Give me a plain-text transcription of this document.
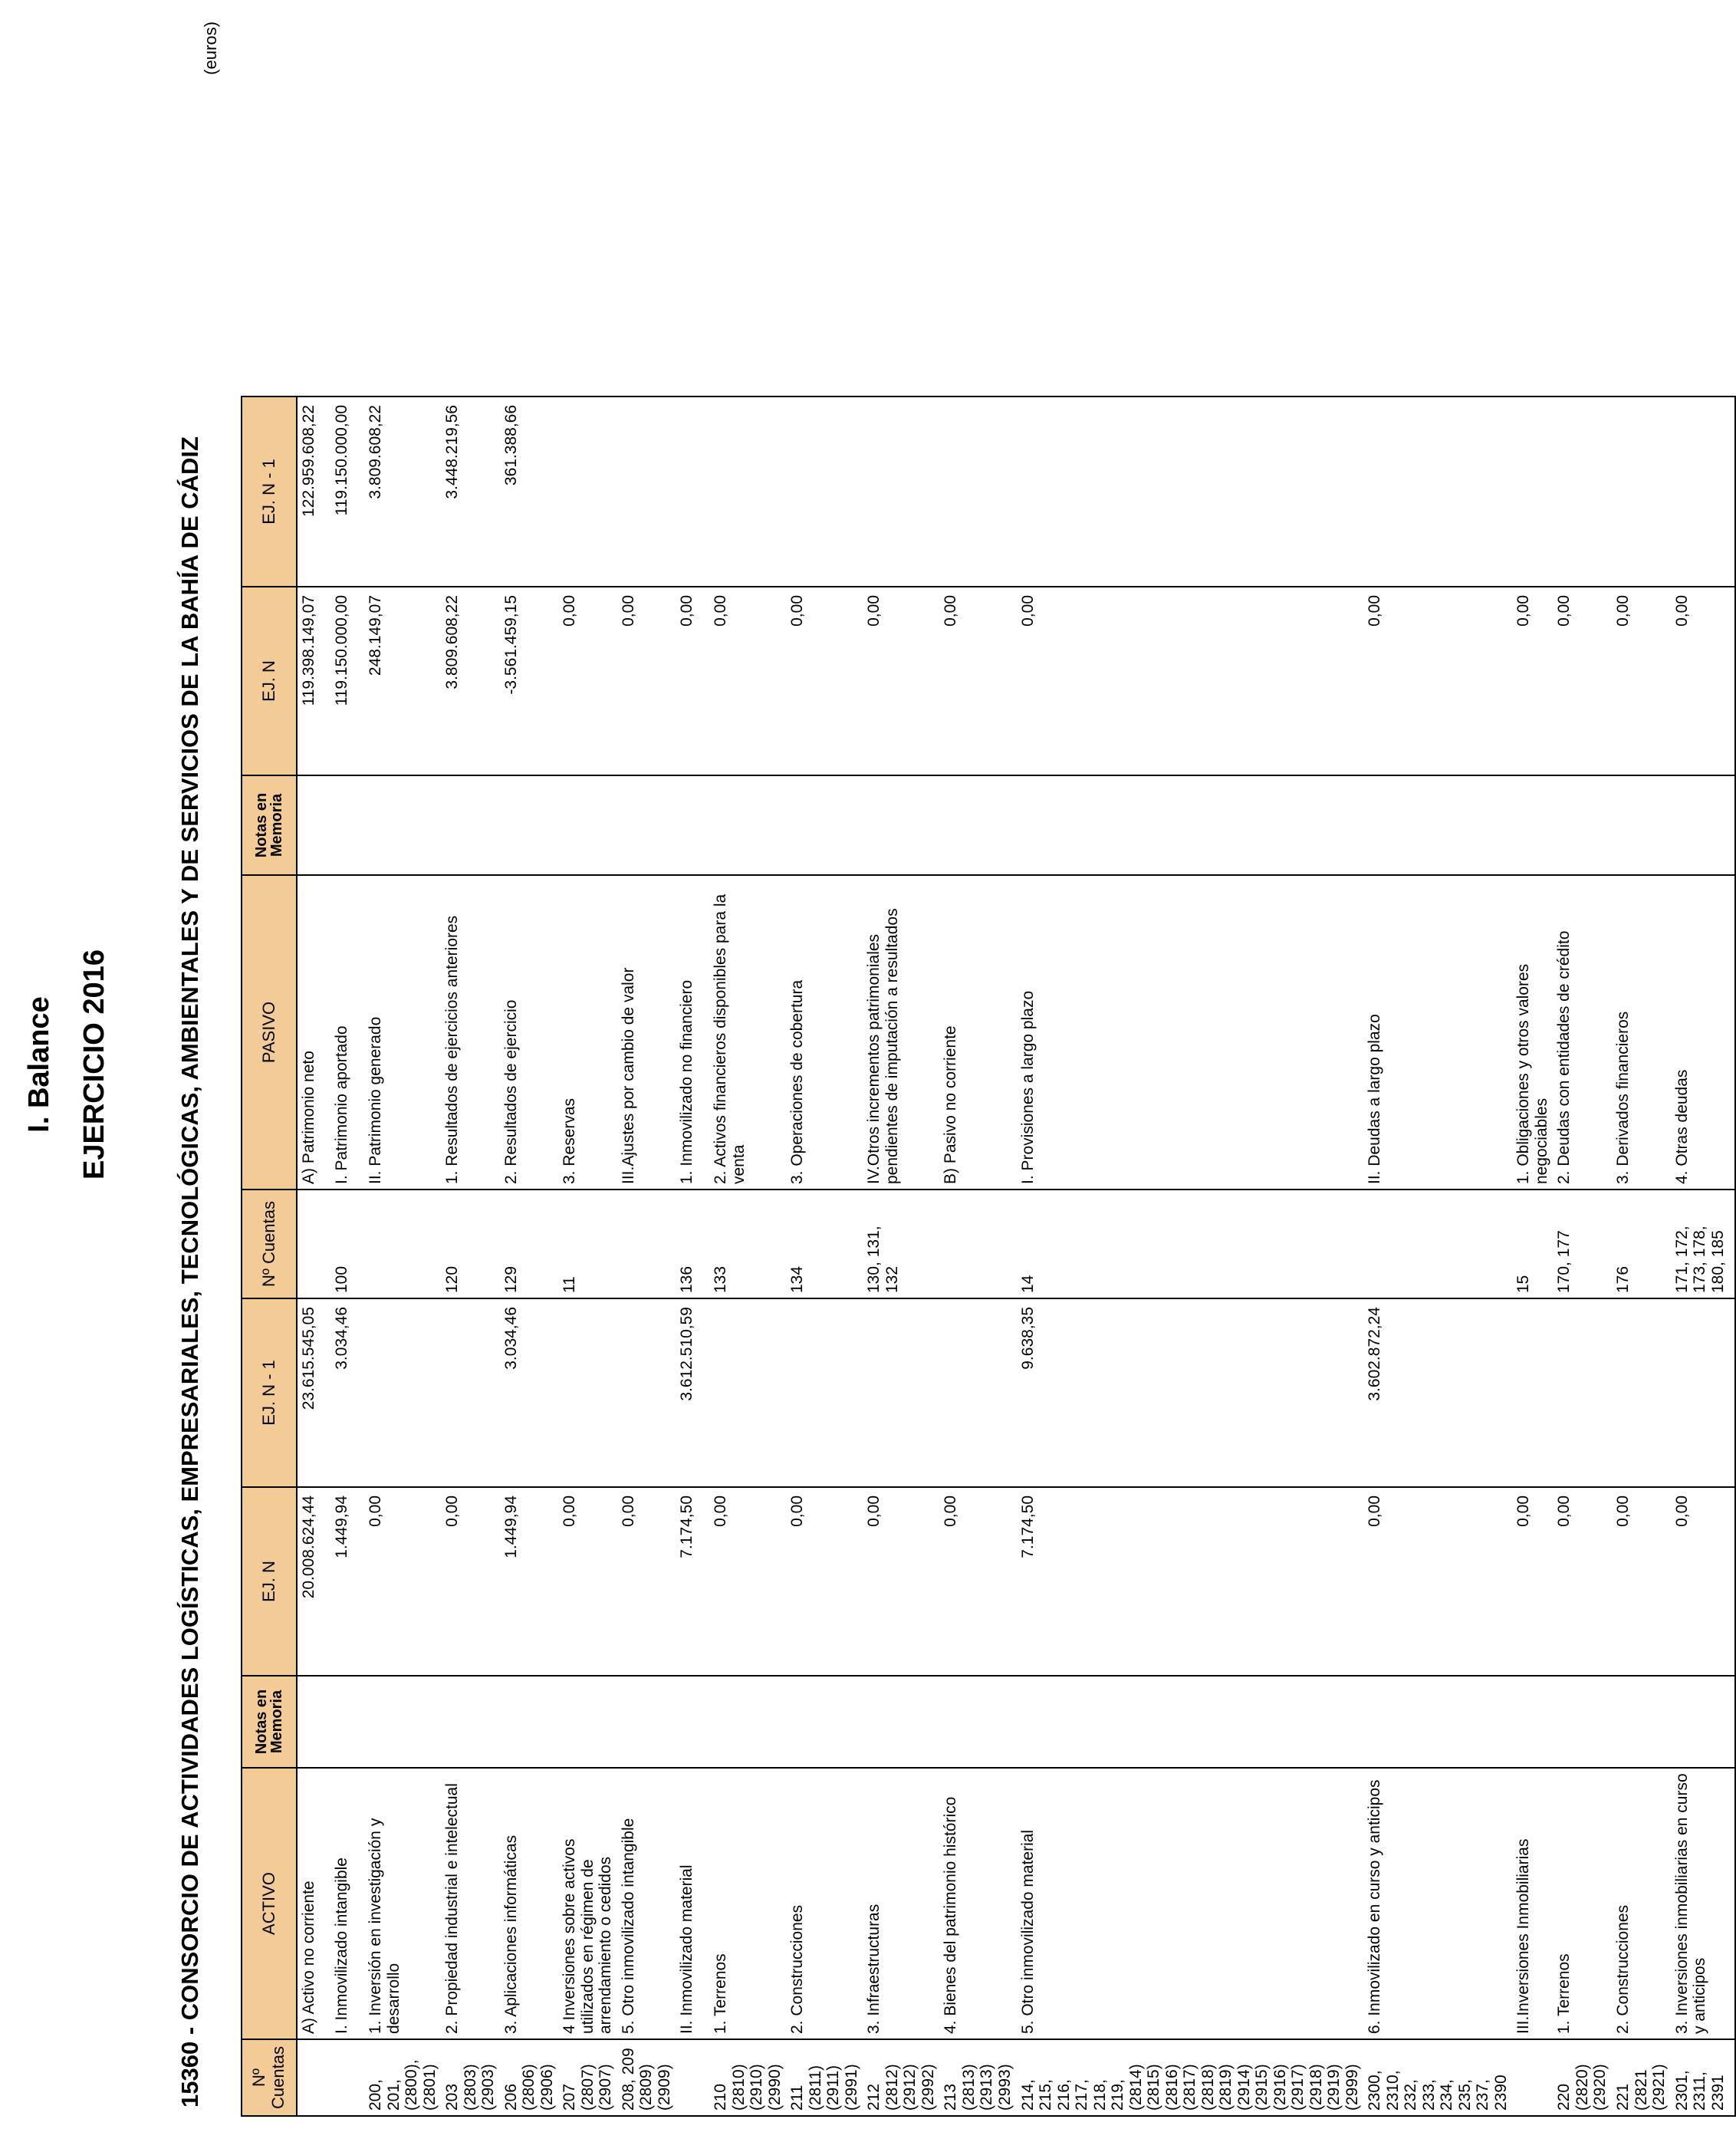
I. Balance EJERCICIO 2016	15360 - CONSORCIO DE ACTIVIDADES LOGÍSTICAS, EMPRESARIALES, TECNOLÓGICAS, AMBIENTALES Y DE SERVICIOS DE LA BAHÍA DE CÁDIZ
(euros)
Nº Cuentas	ACTIVO	Notas en Memoria	EJ. N	EJ. N - 1	Nº Cuentas	PASIVO	Notas en Memoria	EJ. N	EJ. N - 1
	A) Activo no corriente		20.008.624,44	23.615.545,05		A) Patrimonio neto		119.398.149,07	122.959.608,22
	I. Inmovilizado intangible		1.449,94	3.034,46	100	I. Patrimonio aportado		119.150.000,00	119.150.000,00
200, 201, (2800), (2801)	1. Inversión en investigación y desarrollo		0,00			II. Patrimonio generado		248.149,07	3.809.608,22
203 (2803) (2903)	2. Propiedad industrial e intelectual		0,00		120	1. Resultados de ejercicios anteriores		3.809.608,22	3.448.219,56
206 (2806) (2906)	3. Aplicaciones informáticas		1.449,94	3.034,46	129	2. Resultados de ejercicio		-3.561.459,15	361.388,66
207 (2807) (2907)	4 Inversiones sobre activos utilizados en régimen de arrendamiento o cedidos		0,00		11	3. Reservas		0,00	
208, 209 (2809) (2909)	5. Otro inmovilizado intangible		0,00			III.Ajustes por cambio de valor		0,00	
	II. Inmovilizado material		7.174,50	3.612.510,59	136	1. Inmovilizado no financiero		0,00	
210 (2810) (2910) (2990)	1. Terrenos		0,00		133	2. Activos financieros disponibles para la venta		0,00	
211 (2811) (2911) (2991)	2. Construcciones		0,00		134	3. Operaciones de cobertura		0,00	
212 (2812) (2912) (2992)	3. Infraestructuras		0,00		130, 131, 132	IV.Otros incrementos patrimoniales pendientes de imputación a resultados		0,00	
213 (2813) (2913) (2993)	4. Bienes del patrimonio histórico		0,00			B) Pasivo no corriente		0,00	
214, 215, 216, 217, 218, 219, (2814) (2815) (2816) (2817) (2818) (2819) (2914) (2915) (2916) (2917) (2918) (2919) (2999)	5. Otro inmovilizado material		7.174,50	9.638,35	14	I. Provisiones a largo plazo		0,00	
2300, 2310, 232, 233, 234, 235, 237, 2390	6. Inmovilizado en curso y anticipos		0,00	3.602.872,24		II. Deudas a largo plazo		0,00	
	III.Inversiones Inmobiliarias		0,00		15	1. Obligaciones y otros valores negociables		0,00	
220 (2820) (2920)	1. Terrenos		0,00		170, 177	2. Deudas con entidades de crédito		0,00	
221 (2821 (2921)	2. Construcciones		0,00		176	3. Derivados financieros		0,00	
2301, 2311, 2391	3. Inversiones inmobiliarias en curso y anticipos		0,00		171, 172, 173, 178, 180, 185	4. Otras deudas		0,00	
